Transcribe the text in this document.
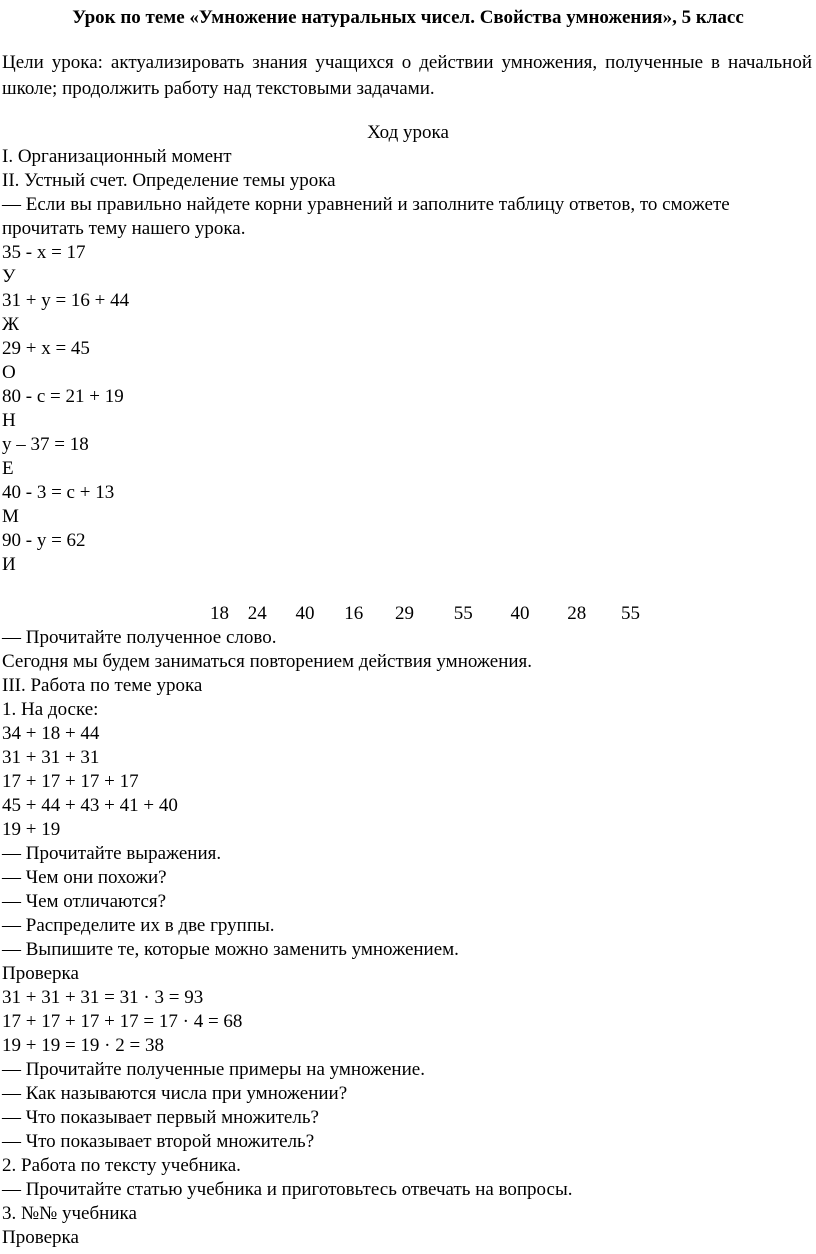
Урок по теме «Умножение натуральных чисел. Свойства умножения», 5 класс
Цели урока: актуализировать знания учащихся о действии умножения, полученные в начальной школе; продолжить работу над текстовыми задачами.
Ход урока
I. Организационный момент
II. Устный счет. Определение темы урока
— Если вы правильно найдете корни уравнений и заполните таблицу ответов, то сможете прочитать тему нашего урока.
35 - x = 17
У
31 + y = 16 + 44
Ж
29 + x = 45
О
80 - c = 21 + 19
Н
y – 37 = 18
Е
40 - 3 = c + 13
М
90 - y = 62
И
18 24 40 16 29 55 40 28 55
— Прочитайте полученное слово.
Сегодня мы будем заниматься повторением действия умножения.
III. Работа по теме урока
1. На доске:
34 + 18 + 44
31 + 31 + 31
17 + 17 + 17 + 17
45 + 44 + 43 + 41 + 40
19 + 19
— Прочитайте выражения.
— Чем они похожи?
— Чем отличаются?
— Распределите их в две группы.
— Выпишите те, которые можно заменить умножением.
Проверка
31 + 31 + 31 = 31 · 3 = 93
17 + 17 + 17 + 17 = 17 · 4 = 68
19 + 19 = 19 · 2 = 38
— Прочитайте полученные примеры на умножение.
— Как называются числа при умножении?
— Что показывает первый множитель?
— Что показывает второй множитель?
2. Работа по тексту учебника.
— Прочитайте статью учебника и приготовьтесь отвечать на вопросы.
3. №№ учебника
Проверка
